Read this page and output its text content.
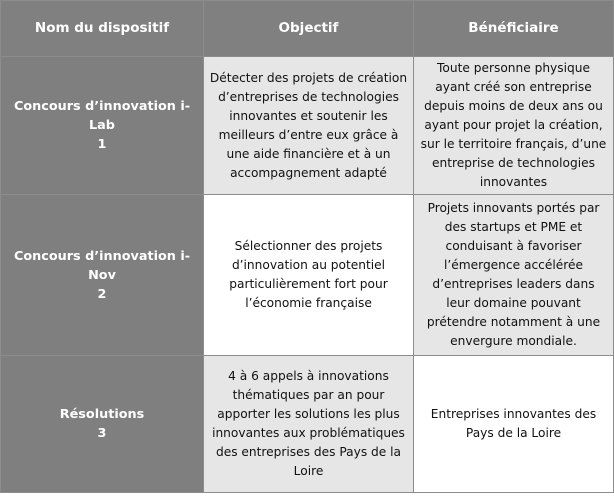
Nom du dispositif	Objectif	Bénéficiaire

Concours d’innovation i-Lab
1	Détecter des projets de création d’entreprises de technologies innovantes et soutenir les meilleurs d’entre eux grâce à une aide financière et à un accompagnement adapté	Toute personne physique ayant créé son entreprise depuis moins de deux ans ou ayant pour projet la création, sur le territoire français, d’une entreprise de technologies innovantes

Concours d’innovation i-Nov
2	Sélectionner des projets d’innovation au potentiel particulièrement fort pour l’économie française	Projets innovants portés par des startups et PME et conduisant à favoriser l’émergence accélérée d’entreprises leaders dans leur domaine pouvant prétendre notamment à une envergure mondiale.

Résolutions
3	4 à 6 appels à innovations thématiques par an pour apporter les solutions les plus innovantes aux problématiques des entreprises des Pays de la Loire	Entreprises innovantes des Pays de la Loire
